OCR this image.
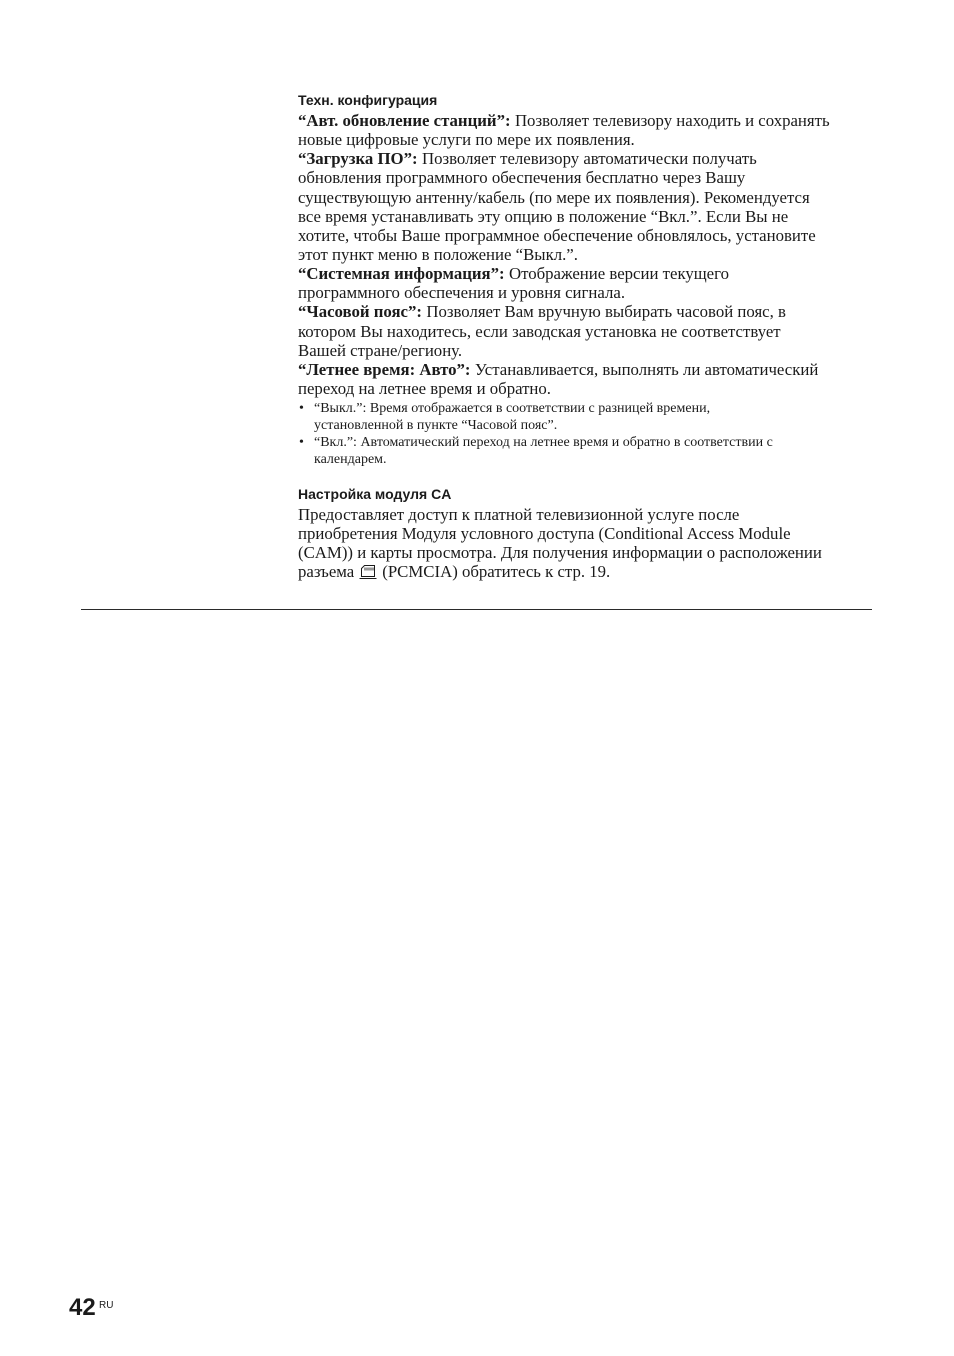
Техн. конфигурация
“Авт. обновление станций”: Позволяет телевизору находить и сохранять
новые цифровые услуги по мере их появления.
“Загрузка ПО”: Позволяет телевизору автоматически получать
обновления программного обеспечения бесплатно через Вашу
существующую антенну/кабель (по мере их появления). Рекомендуется
все время устанавливать эту опцию в положение “Вкл.”. Если Вы не
хотите, чтобы Ваше программное обеспечение обновлялось, установите
этот пункт меню в положение “Выкл.”.
“Системная информация”: Отображение версии текущего
программного обеспечения и уровня сигнала.
“Часовой пояс”: Позволяет Вам вручную выбирать часовой пояс, в
котором Вы находитесь, если заводская установка не соответствует
Вашей стране/региону.
“Летнее время: Авто”: Устанавливается, выполнять ли автоматический
переход на летнее время и обратно.
• “Выкл.”: Время отображается в соответствии с разницей времени,
установленной в пункте “Часовой пояс”.
• “Вкл.”: Автоматический переход на летнее время и обратно в соответствии с
календарем.
Настройка модуля CA
Предоставляет доступ к платной телевизионной услуге после
приобретения Модуля условного доступа (Conditional Access Module
(CAM)) и карты просмотра. Для получения информации о расположении
разъема (PCMCIA) обратитесь к стр. 19.
42 RU
